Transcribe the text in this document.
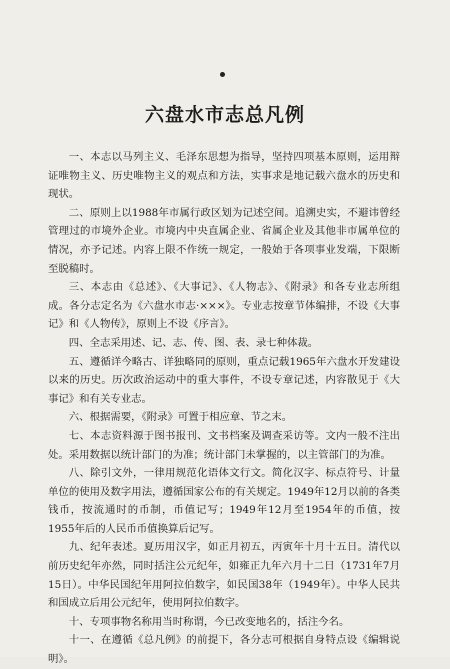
六盘水市志总凡例

一、本志以马列主义、毛泽东思想为指导，坚持四项基本原则，运用辩证唯物主义、历史唯物主义的观点和方法，实事求是地记载六盘水的历史和现状。

二、原则上以1988年市属行政区划为记述空间。追溯史实，不避讳曾经管理过的市境外企业。市境内中央直属企业、省属企业及其他非市属单位的情况，亦予记述。内容上限不作统一规定，一般始于各项事业发端，下限断至脱稿时。

三、本志由《总述》、《大事记》、《人物志》、《附录》和各专业志所组成。各分志定名为《六盘水市志·×××》。专业志按章节体编排，不设《大事记》和《人物传》，原则上不设《序言》。

四、全志采用述、记、志、传、图、表、录七种体裁。

五、遵循详今略古、详独略同的原则，重点记载1965年六盘水开发建设以来的历史。历次政治运动中的重大事件，不设专章记述，内容散见于《大事记》和有关专业志。

六、根据需要，《附录》可置于相应章、节之末。

七、本志资料源于图书报刊、文书档案及调查采访等。文内一般不注出处。采用数据以统计部门的为准；统计部门未掌握的，以主管部门的为准。

八、除引文外，一律用规范化语体文行文。简化汉字、标点符号、计量单位的使用及数字用法，遵循国家公布的有关规定。1949年12月以前的各类钱币，按流通时的币制，币值记写；1949年12月至1954年的币值，按1955年后的人民币币值换算后记写。

九、纪年表述。夏历用汉字，如正月初五，丙寅年十月十五日。清代以前历史纪年亦然，同时括注公元纪年，如雍正九年六月十二日（1731年7月15日）。中华民国纪年用阿拉伯数字，如民国38年（1949年）。中华人民共和国成立后用公元纪年，使用阿拉伯数字。

十、专项事物名称用当时称谓，今已改变地名的，括注今名。

十一、在遵循《总凡例》的前提下，各分志可根据自身特点设《编辑说明》。
